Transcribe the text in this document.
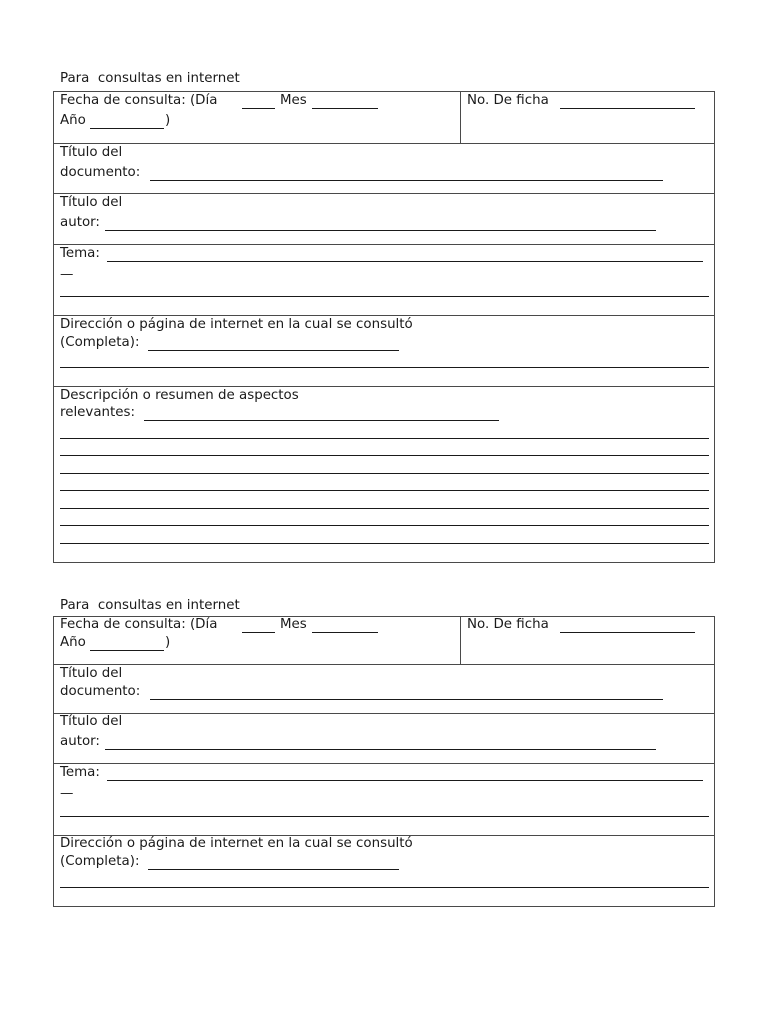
Para  consultas en internet
Fecha de consulta: (Día	Mes
Año	)
No. De ficha
Título del
documento:
Título del
autor:
Tema:
—
Dirección o página de internet en la cual se consultó
(Completa):
Descripción o resumen de aspectos
relevantes:
Para  consultas en internet
Fecha de consulta: (Día	Mes
Año	)
No. De ficha
Título del
documento:
Título del
autor:
Tema:
—
Dirección o página de internet en la cual se consultó
(Completa):
